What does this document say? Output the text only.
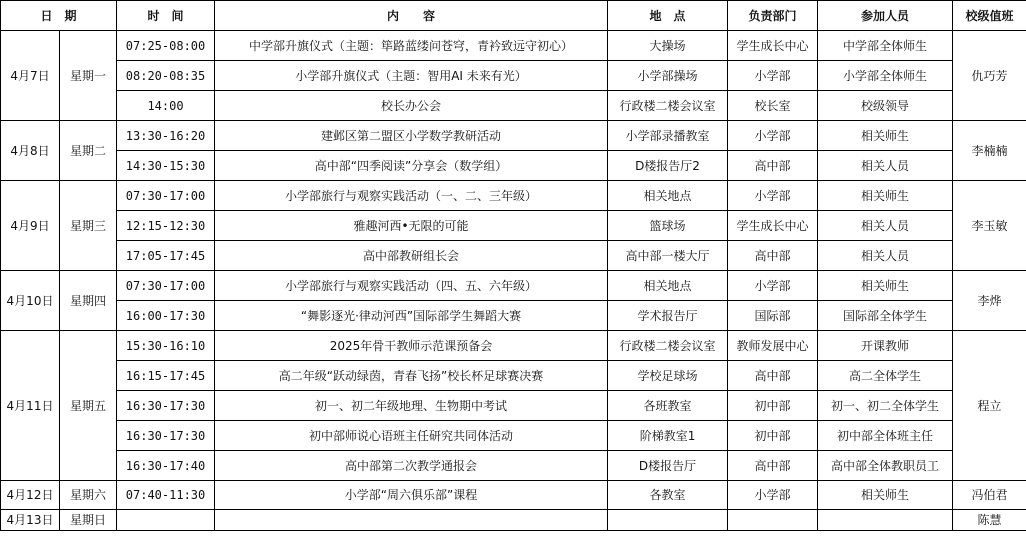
日　期		时　间	内　　容	地　点	负责部门	参加人员	校级值班
4月7日	星期一	07:25-08:00	中学部升旗仪式（主题：筚路蓝缕问苍穹，青衿致远守初心）	大操场	学生成长中心	中学部全体师生	仇巧芳
		08:20-08:35	小学部升旗仪式（主题：智用AI 未来有光）	小学部操场	小学部	小学部全体师生	
		14:00	校长办公会	行政楼二楼会议室	校长室	校级领导	
4月8日	星期二	13:30-16:20	建邺区第二盟区小学数学教研活动	小学部录播教室	小学部	相关师生	李楠楠
		14:30-15:30	高中部“四季阅读”分享会（数学组）	D楼报告厅2	高中部	相关人员	
4月9日	星期三	07:30-17:00	小学部旅行与观察实践活动（一、二、三年级）	相关地点	小学部	相关师生	李玉敏
		12:15-12:30	雅趣河西•无限的可能	篮球场	学生成长中心	相关人员	
		17:05-17:45	高中部教研组长会	高中部一楼大厅	高中部	相关人员	
4月10日	星期四	07:30-17:00	小学部旅行与观察实践活动（四、五、六年级）	相关地点	小学部	相关师生	李烨
		16:00-17:30	“舞影逐光·律动河西”国际部学生舞蹈大赛	学术报告厅	国际部	国际部全体学生	
4月11日	星期五	15:30-16:10	2025年骨干教师示范课预备会	行政楼二楼会议室	教师发展中心	开课教师	程立
		16:15-17:45	高二年级“跃动绿茵，青春飞扬”校长杯足球赛决赛	学校足球场	高中部	高二全体学生	
		16:30-17:30	初一、初二年级地理、生物期中考试	各班教室	初中部	初一、初二全体学生	
		16:30-17:30	初中部师说心语班主任研究共同体活动	阶梯教室1	初中部	初中部全体班主任	
		16:30-17:40	高中部第二次教学通报会	D楼报告厅	高中部	高中部全体教职员工	
4月12日	星期六	07:40-11:30	小学部“周六俱乐部”课程	各教室	小学部	相关师生	冯伯君
4月13日	星期日						陈慧
